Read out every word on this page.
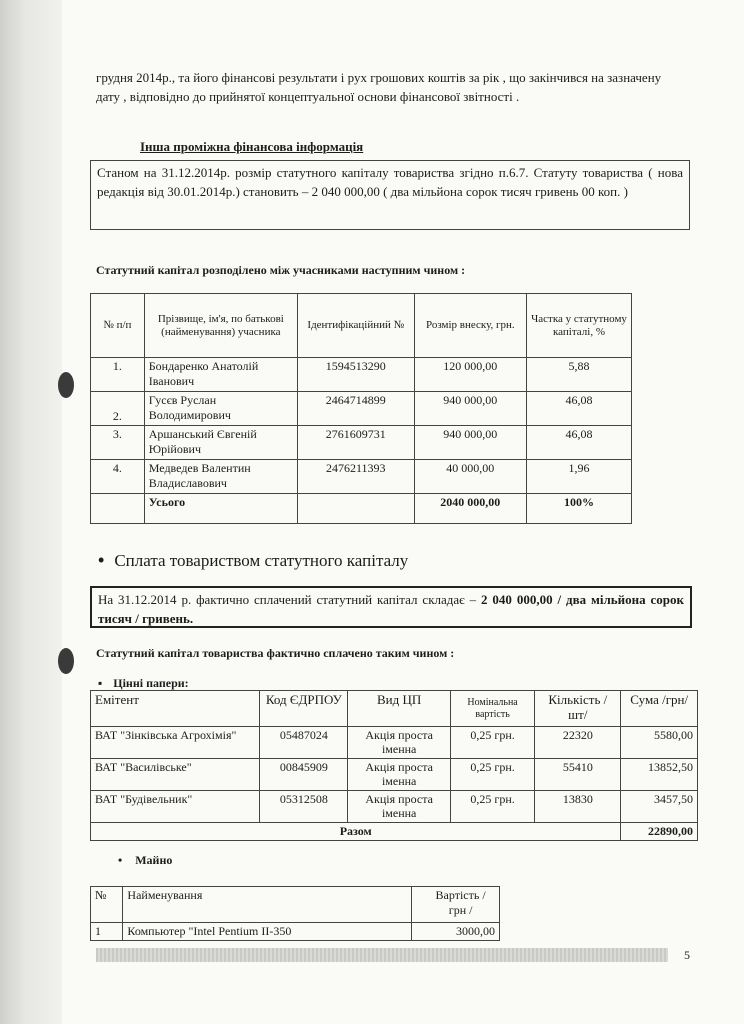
грудня 2014р., та його фінансові результати і рух грошових коштів за рік , що закінчився на зазначену
дату , відповідно до прийнятої концептуальної основи фінансової звітності .
Інша проміжна фінансова інформація
Станом на 31.12.2014р. розмір статутного капіталу товариства згідно п.6.7. Статуту товариства ( нова редакція від 30.01.2014р.) становить – 2 040 000,00 ( два мільйона сорок тисяч гривень 00 коп. )
Статутний капітал розподілено між учасниками наступним чином :
№ п/п	Прізвище, ім'я, по батькові (найменування) учасника	Ідентифікаційний №	Розмір внеску, грн.	Частка у статутному капіталі, %
1.	Бондаренко Анатолій Іванович	1594513290	120 000,00	5,88
2.	Гусєв Руслан Володимирович	2464714899	940 000,00	46,08
3.	Аршанський Євгеній Юрійович	2761609731	940 000,00	46,08
4.	Медведев Валентин Владиславович	2476211393	40 000,00	1,96
	Усього		2040 000,00	100%
• Сплата товариством статутного капіталу
На 31.12.2014 р. фактично сплачений статутний капітал складає – 2 040 000,00 / два мільйона сорок тисяч / гривень.
Статутний капітал товариства фактично сплачено таким чином :
▪ Цінні папери:
Емітент	Код ЄДРПОУ	Вид ЦП	Номінальна вартість	Кількість /шт/	Сума /грн/
ВАТ "Зінківська Агрохімія"	05487024	Акція проста іменна	0,25 грн.	22320	5580,00
ВАТ "Василівське"	00845909	Акція проста іменна	0,25 грн.	55410	13852,50
ВАТ "Будівельник"	05312508	Акція проста іменна	0,25 грн.	13830	3457,50
Разом					22890,00
• Майно
№	Найменування	Вартість / грн /
1	Компьютер "Intel Pentium II-350	3000,00
5
